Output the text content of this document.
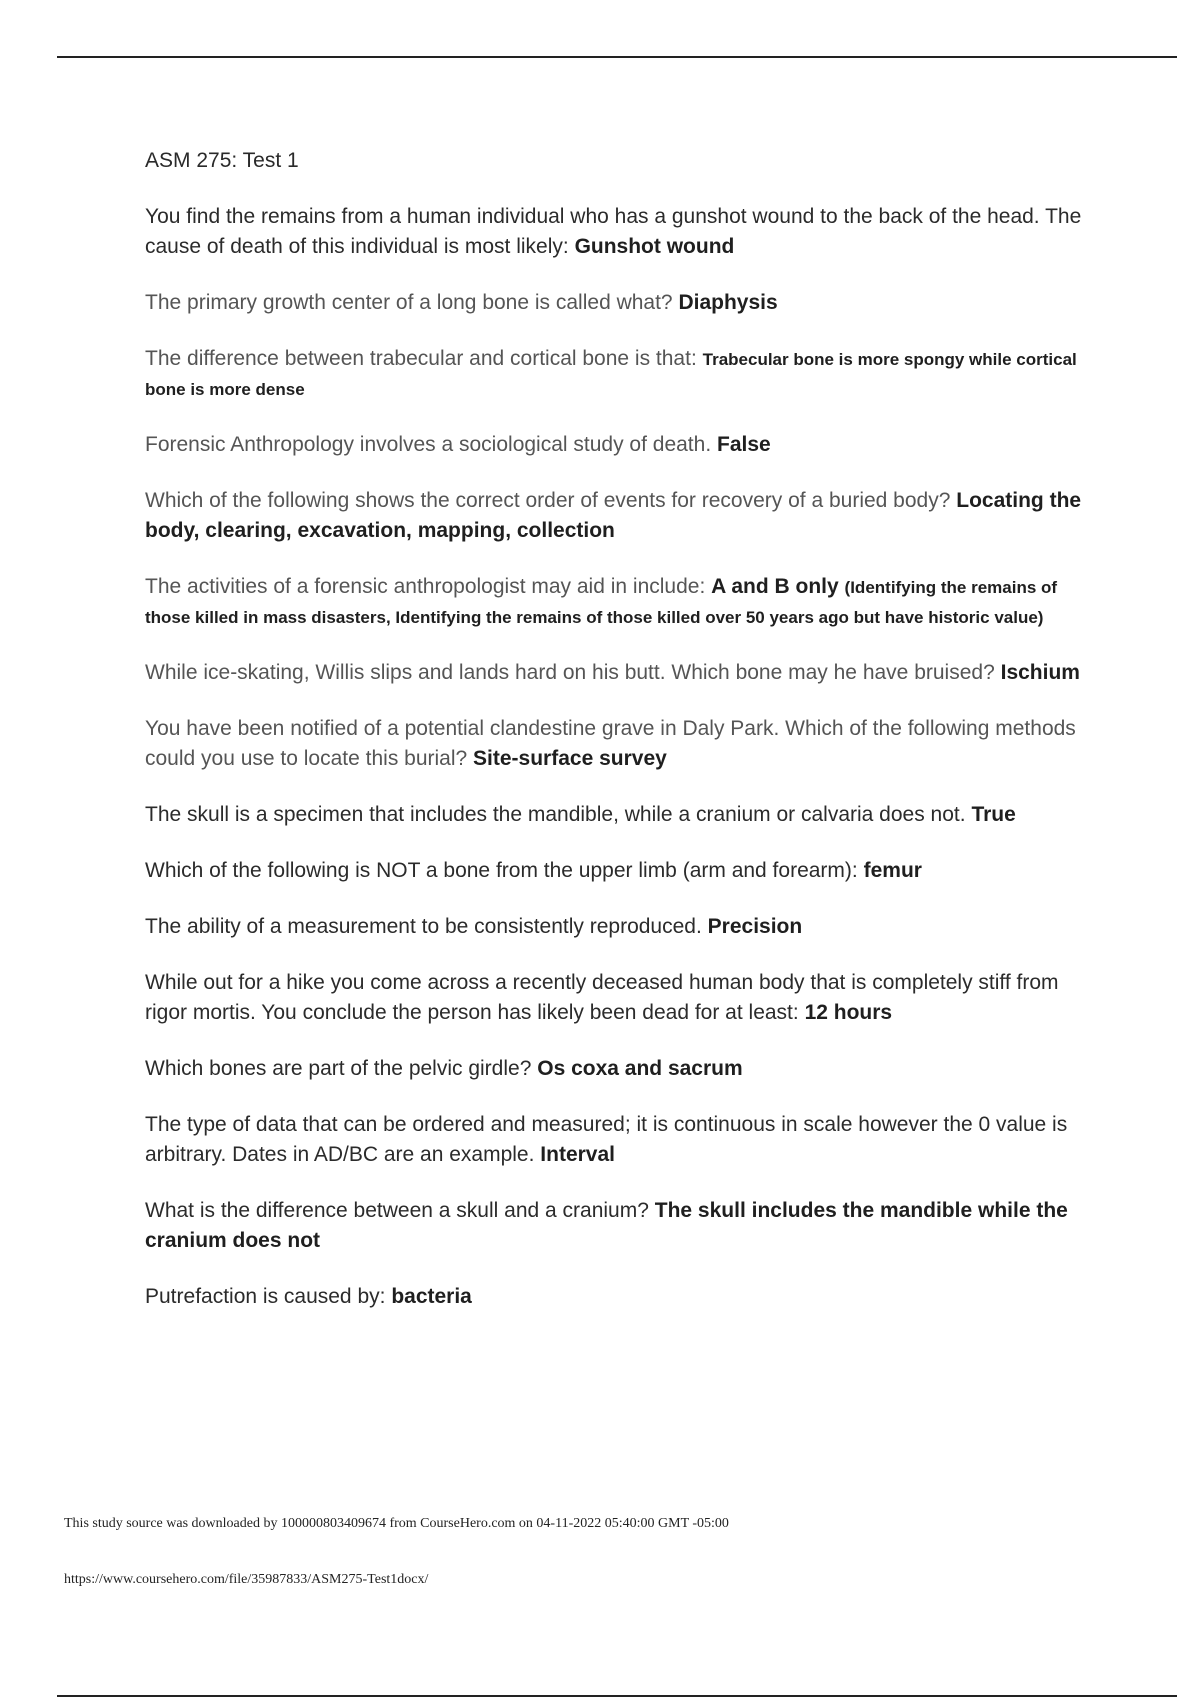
ASM 275: Test 1
You find the remains from a human individual who has a gunshot wound to the back of the head. The cause of death of this individual is most likely: Gunshot wound
The primary growth center of a long bone is called what? Diaphysis
The difference between trabecular and cortical bone is that: Trabecular bone is more spongy while cortical bone is more dense
Forensic Anthropology involves a sociological study of death. False
Which of the following shows the correct order of events for recovery of a buried body? Locating the body, clearing, excavation, mapping, collection
The activities of a forensic anthropologist may aid in include: A and B only (Identifying the remains of those killed in mass disasters, Identifying the remains of those killed over 50 years ago but have historic value)
While ice-skating, Willis slips and lands hard on his butt. Which bone may he have bruised? Ischium
You have been notified of a potential clandestine grave in Daly Park. Which of the following methods could you use to locate this burial? Site-surface survey
The skull is a specimen that includes the mandible, while a cranium or calvaria does not. True
Which of the following is NOT a bone from the upper limb (arm and forearm): femur
The ability of a measurement to be consistently reproduced. Precision
While out for a hike you come across a recently deceased human body that is completely stiff from rigor mortis. You conclude the person has likely been dead for at least: 12 hours
Which bones are part of the pelvic girdle? Os coxa and sacrum
The type of data that can be ordered and measured; it is continuous in scale however the 0 value is arbitrary. Dates in AD/BC are an example. Interval
What is the difference between a skull and a cranium? The skull includes the mandible while the cranium does not
Putrefaction is caused by: bacteria
This study source was downloaded by 100000803409674 from CourseHero.com on 04-11-2022 05:40:00 GMT -05:00
https://www.coursehero.com/file/35987833/ASM275-Test1docx/
